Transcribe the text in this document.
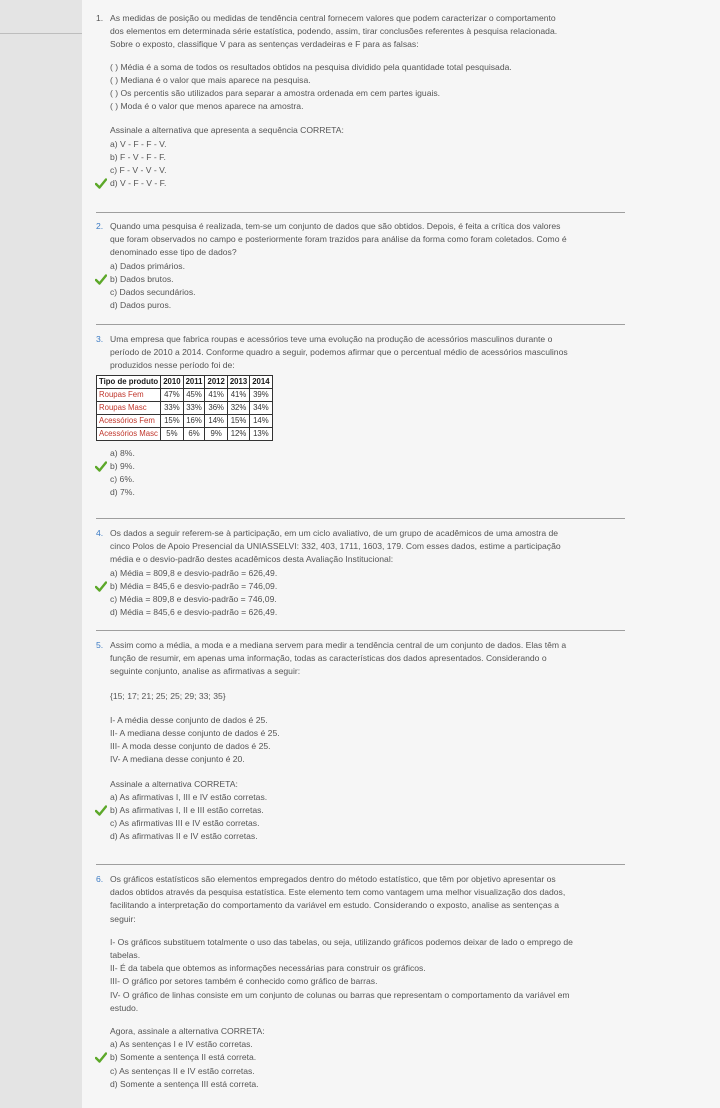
1. As medidas de posição ou medidas de tendência central fornecem valores que podem caracterizar o comportamento
dos elementos em determinada série estatística, podendo, assim, tirar conclusões referentes à pesquisa relacionada.
Sobre o exposto, classifique V para as sentenças verdadeiras e F para as falsas:
( ) Média é a soma de todos os resultados obtidos na pesquisa dividido pela quantidade total pesquisada.
( ) Mediana é o valor que mais aparece na pesquisa.
( ) Os percentis são utilizados para separar a amostra ordenada em cem partes iguais.
( ) Moda é o valor que menos aparece na amostra.
Assinale a alternativa que apresenta a sequência CORRETA:
a) V - F - F - V.
b) F - V - F - F.
c) F - V - V - V.
d) V - F - V - F.
2. Quando uma pesquisa é realizada, tem-se um conjunto de dados que são obtidos. Depois, é feita a crítica dos valores
que foram observados no campo e posteriormente foram trazidos para análise da forma como foram coletados. Como é
denominado esse tipo de dados?
a) Dados primários.
b) Dados brutos.
c) Dados secundários.
d) Dados puros.
3. Uma empresa que fabrica roupas e acessórios teve uma evolução na produção de acessórios masculinos durante o
período de 2010 a 2014. Conforme quadro a seguir, podemos afirmar que o percentual médio de acessórios masculinos
produzidos nesse período foi de:
Tipo de produto	2010	2011	2012	2013	2014
Roupas Fem	47%	45%	41%	41%	39%
Roupas Masc	33%	33%	36%	32%	34%
Acessórios Fem	15%	16%	14%	15%	14%
Acessórios Masc	5%	6%	9%	12%	13%
a) 8%.
b) 9%.
c) 6%.
d) 7%.
4. Os dados a seguir referem-se à participação, em um ciclo avaliativo, de um grupo de acadêmicos de uma amostra de
cinco Polos de Apoio Presencial da UNIASSELVI: 332, 403, 1711, 1603, 179. Com esses dados, estime a participação
média e o desvio-padrão destes acadêmicos desta Avaliação Institucional:
a) Média = 809,8 e desvio-padrão = 626,49.
b) Média = 845,6 e desvio-padrão = 746,09.
c) Média = 809,8 e desvio-padrão = 746,09.
d) Média = 845,6 e desvio-padrão = 626,49.
5. Assim como a média, a moda e a mediana servem para medir a tendência central de um conjunto de dados. Elas têm a
função de resumir, em apenas uma informação, todas as características dos dados apresentados. Considerando o
seguinte conjunto, analise as afirmativas a seguir:
{15; 17; 21; 25; 25; 29; 33; 35}
I- A média desse conjunto de dados é 25.
II- A mediana desse conjunto de dados é 25.
III- A moda desse conjunto de dados é 25.
IV- A mediana desse conjunto é 20.
Assinale a alternativa CORRETA:
a) As afirmativas I, III e IV estão corretas.
b) As afirmativas I, II e III estão corretas.
c) As afirmativas III e IV estão corretas.
d) As afirmativas II e IV estão corretas.
6. Os gráficos estatísticos são elementos empregados dentro do método estatístico, que têm por objetivo apresentar os
dados obtidos através da pesquisa estatística. Este elemento tem como vantagem uma melhor visualização dos dados,
facilitando a interpretação do comportamento da variável em estudo. Considerando o exposto, analise as sentenças a
seguir:
I- Os gráficos substituem totalmente o uso das tabelas, ou seja, utilizando gráficos podemos deixar de lado o emprego de
tabelas.
II- É da tabela que obtemos as informações necessárias para construir os gráficos.
III- O gráfico por setores também é conhecido como gráfico de barras.
IV- O gráfico de linhas consiste em um conjunto de colunas ou barras que representam o comportamento da variável em
estudo.
Agora, assinale a alternativa CORRETA:
a) As sentenças I e IV estão corretas.
b) Somente a sentença II está correta.
c) As sentenças II e IV estão corretas.
d) Somente a sentença III está correta.
